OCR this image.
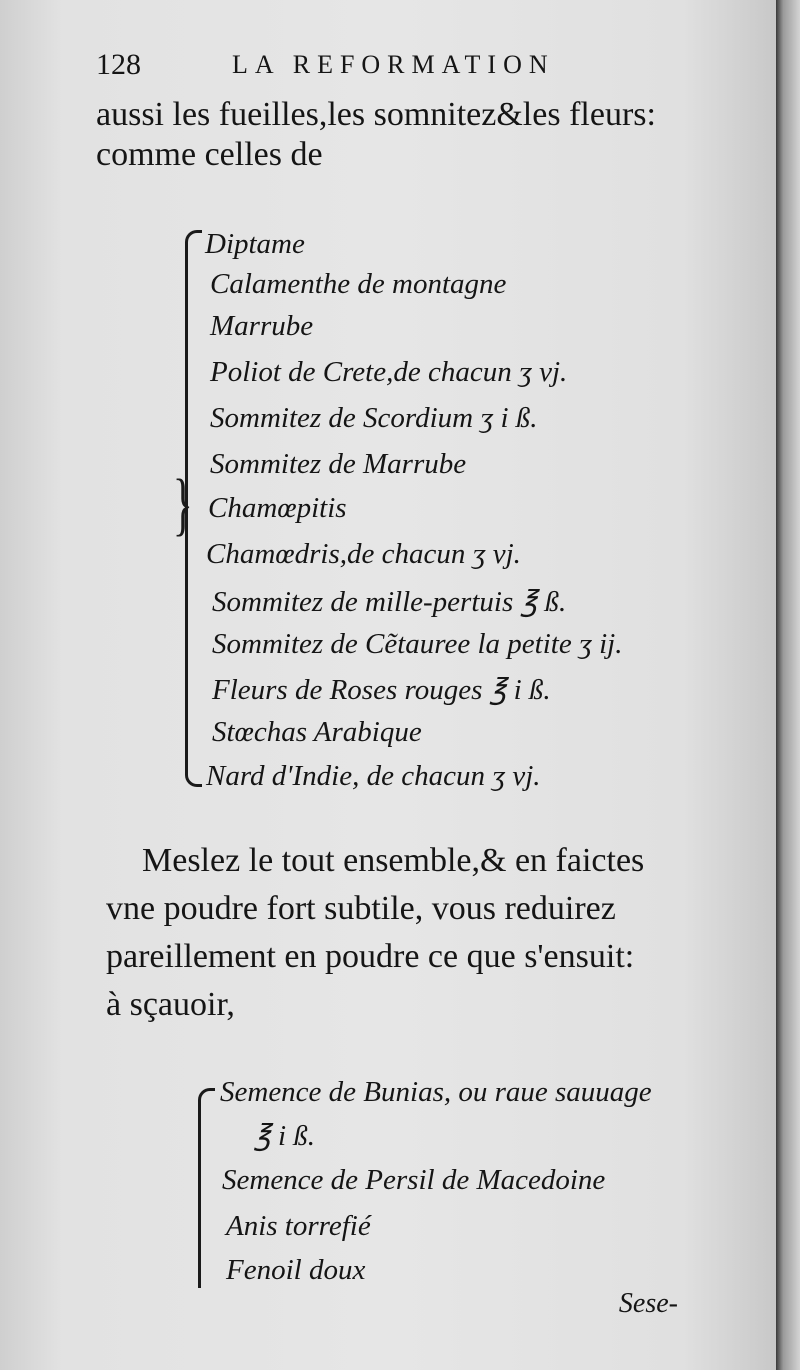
128	LA REFORMATION
aussi les fueilles,les somnitez&les fleurs:
comme celles de
}
Diptame
Calamenthe de montagne
Marrube
Poliot de Crete,de chacun ʒ vj.
Sommitez de Scordium ʒ i ß.
Sommitez de Marrube
Chamœpitis
Chamœdris,de chacun ʒ vj.
Sommitez de mille-pertuis ℥ ß.
Sommitez de Cẽtauree la petite ʒ ij.
Fleurs de Roses rouges ℥ i ß.
Stœchas Arabique
Nard d'Indie, de chacun ʒ vj.
Meslez le tout ensemble,& en faictes
vne poudre fort subtile, vous reduirez
pareillement en poudre ce que s'ensuit:
à sçauoir,
Semence de Bunias, ou raue sauuage
℥ i ß.
Semence de Persil de Macedoine
Anis torrefié
Fenoil doux
Sese-
